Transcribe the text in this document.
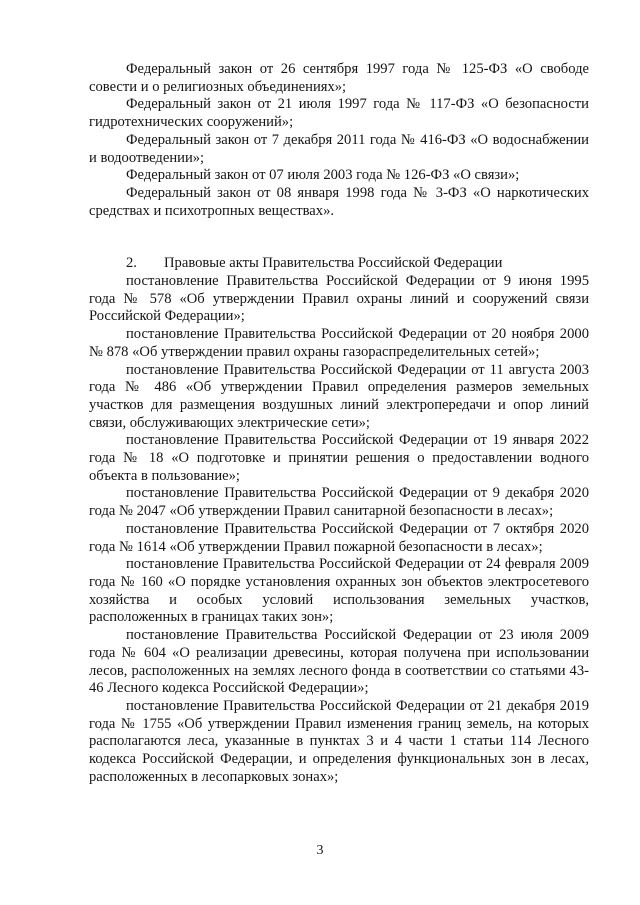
Федеральный закон от 26 сентября 1997 года № 125-ФЗ «О свободе совести и о религиозных объединениях»;

Федеральный закон от 21 июля 1997 года № 117-ФЗ «О безопасности гидротехнических сооружений»;

Федеральный закон от 7 декабря 2011 года № 416-ФЗ «О водоснабжении и водоотведении»;

Федеральный закон от 07 июля 2003 года № 126-ФЗ «О связи»;

Федеральный закон от 08 января 1998 года № 3-ФЗ «О наркотических средствах и психотропных веществах».

2. Правовые акты Правительства Российской Федерации

постановление Правительства Российской Федерации от 9 июня 1995 года № 578 «Об утверждении Правил охраны линий и сооружений связи Российской Федерации»;

постановление Правительства Российской Федерации от 20 ноября 2000 № 878 «Об утверждении правил охраны газораспределительных сетей»;

постановление Правительства Российской Федерации от 11 августа 2003 года № 486 «Об утверждении Правил определения размеров земельных участков для размещения воздушных линий электропередачи и опор линий связи, обслуживающих электрические сети»;

постановление Правительства Российской Федерации от 19 января 2022 года № 18 «О подготовке и принятии решения о предоставлении водного объекта в пользование»;

постановление Правительства Российской Федерации от 9 декабря 2020 года № 2047 «Об утверждении Правил санитарной безопасности в лесах»;

постановление Правительства Российской Федерации от 7 октября 2020 года № 1614 «Об утверждении Правил пожарной безопасности в лесах»;

постановление Правительства Российской Федерации от 24 февраля 2009 года № 160 «О порядке установления охранных зон объектов электросетевого хозяйства и особых условий использования земельных участков, расположенных в границах таких зон»;

постановление Правительства Российской Федерации от 23 июля 2009 года № 604 «О реализации древесины, которая получена при использовании лесов, расположенных на землях лесного фонда в соответствии со статьями 43-46 Лесного кодекса Российской Федерации»;

постановление Правительства Российской Федерации от 21 декабря 2019 года № 1755 «Об утверждении Правил изменения границ земель, на которых располагаются леса, указанные в пунктах 3 и 4 части 1 статьи 114 Лесного кодекса Российской Федерации, и определения функциональных зон в лесах, расположенных в лесопарковых зонах»;

3
